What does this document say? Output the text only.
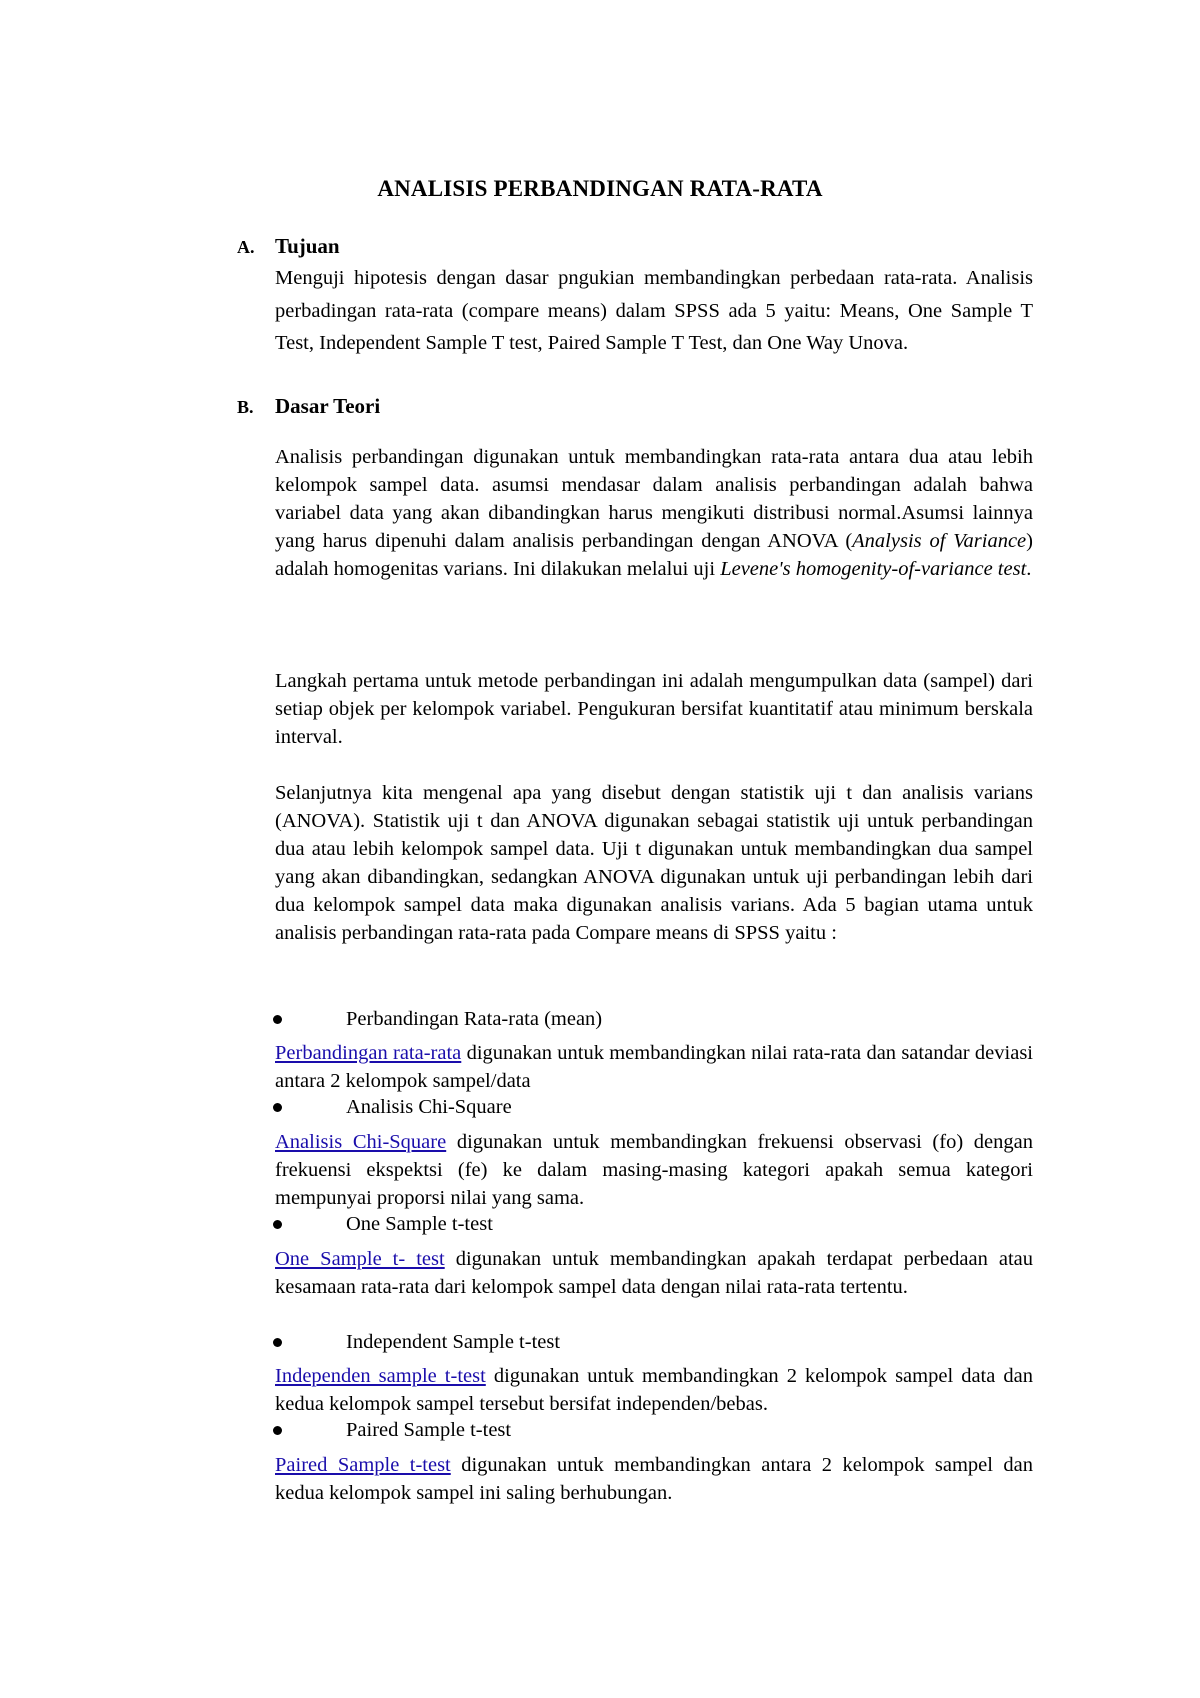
ANALISIS PERBANDINGAN RATA-RATA
A. Tujuan
Menguji hipotesis dengan dasar pngukian membandingkan perbedaan rata-rata. Analisis perbadingan rata-rata (compare means) dalam SPSS ada 5 yaitu: Means, One Sample T Test, Independent Sample T test, Paired Sample T Test, dan One Way Unova.
B. Dasar Teori
Analisis perbandingan digunakan untuk membandingkan rata-rata antara dua atau lebih kelompok sampel data. asumsi mendasar dalam analisis perbandingan adalah bahwa variabel data yang akan dibandingkan harus mengikuti distribusi normal.Asumsi lainnya yang harus dipenuhi dalam analisis perbandingan dengan ANOVA (Analysis of Variance) adalah homogenitas varians. Ini dilakukan melalui uji Levene's homogenity-of-variance test.
Langkah pertama untuk metode perbandingan ini adalah mengumpulkan data (sampel) dari setiap objek per kelompok variabel. Pengukuran bersifat kuantitatif atau minimum berskala interval.
Selanjutnya kita mengenal apa yang disebut dengan statistik uji t dan analisis varians (ANOVA). Statistik uji t dan ANOVA digunakan sebagai statistik uji untuk perbandingan dua atau lebih kelompok sampel data. Uji t digunakan untuk membandingkan dua sampel yang akan dibandingkan, sedangkan ANOVA digunakan untuk uji perbandingan lebih dari dua kelompok sampel data maka digunakan analisis varians. Ada 5 bagian utama untuk analisis perbandingan rata-rata pada Compare means di SPSS yaitu :
Perbandingan Rata-rata (mean)
Perbandingan rata-rata digunakan untuk membandingkan nilai rata-rata dan satandar deviasi antara 2 kelompok sampel/data
Analisis Chi-Square
Analisis Chi-Square digunakan untuk membandingkan frekuensi observasi (fo) dengan frekuensi ekspektsi (fe) ke dalam masing-masing kategori apakah semua kategori mempunyai proporsi nilai yang sama.
One Sample t-test
One Sample t- test digunakan untuk membandingkan apakah terdapat perbedaan atau kesamaan rata-rata dari kelompok sampel data dengan nilai rata-rata tertentu.
Independent Sample t-test
Independen sample t-test digunakan untuk membandingkan 2 kelompok sampel data dan kedua kelompok sampel tersebut bersifat independen/bebas.
Paired Sample t-test
Paired Sample t-test digunakan untuk membandingkan antara 2 kelompok sampel dan kedua kelompok sampel ini saling berhubungan.
